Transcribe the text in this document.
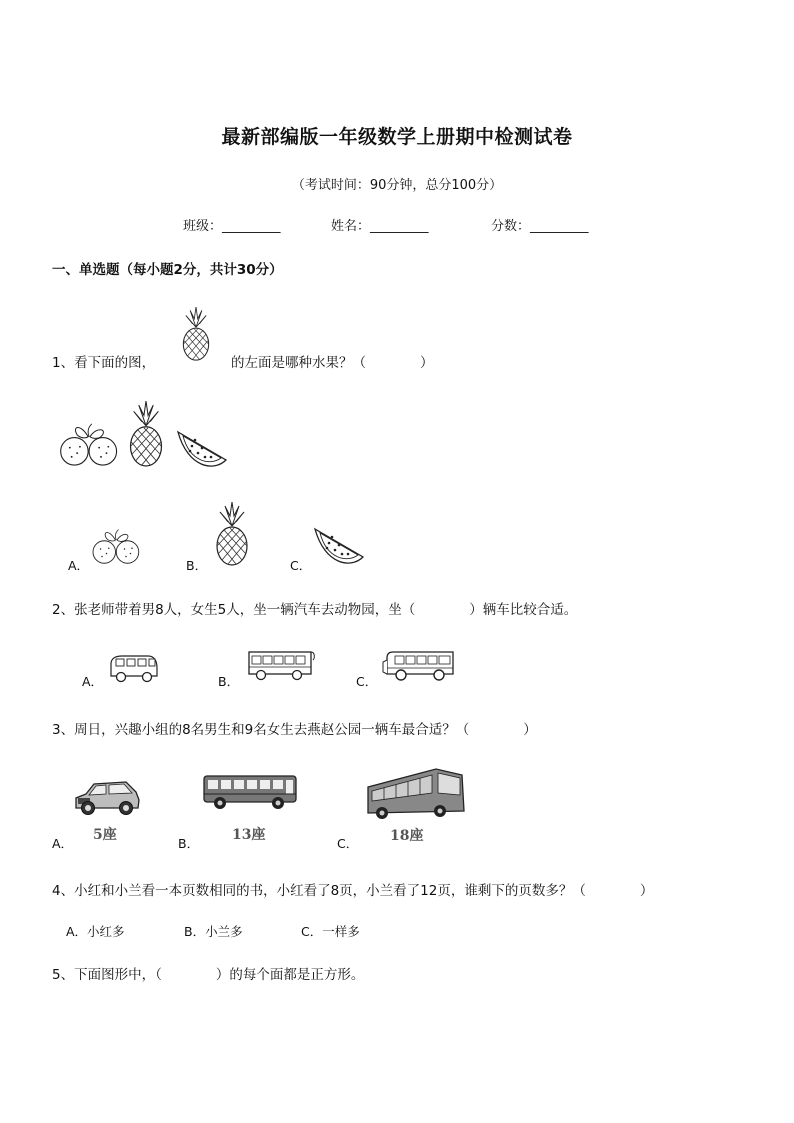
最新部编版一年级数学上册期中检测试卷
（考试时间：90分钟，总分100分）
班级：_________	姓名：_________	分数：_________
一、单选题（每小题2分，共计30分）
1、看下面的图，	的左面是哪种水果？（　　　　）
A．	B．	C．
2、张老师带着男8人，女生5人，坐一辆汽车去动物园，坐（　　　　）辆车比较合适。
A．	B．	C．
3、周日，兴趣小组的8名男生和9名女生去燕赵公园一辆车最合适？（　　　　）
A．
5座
B．
13座
C． 18座
4、小红和小兰看一本页数相同的书，小红看了8页，小兰看了12页，谁剩下的页数多？（　　　　）
A．小红多	B．小兰多	C．一样多
5、下面图形中，（　　　　）的每个面都是正方形。
